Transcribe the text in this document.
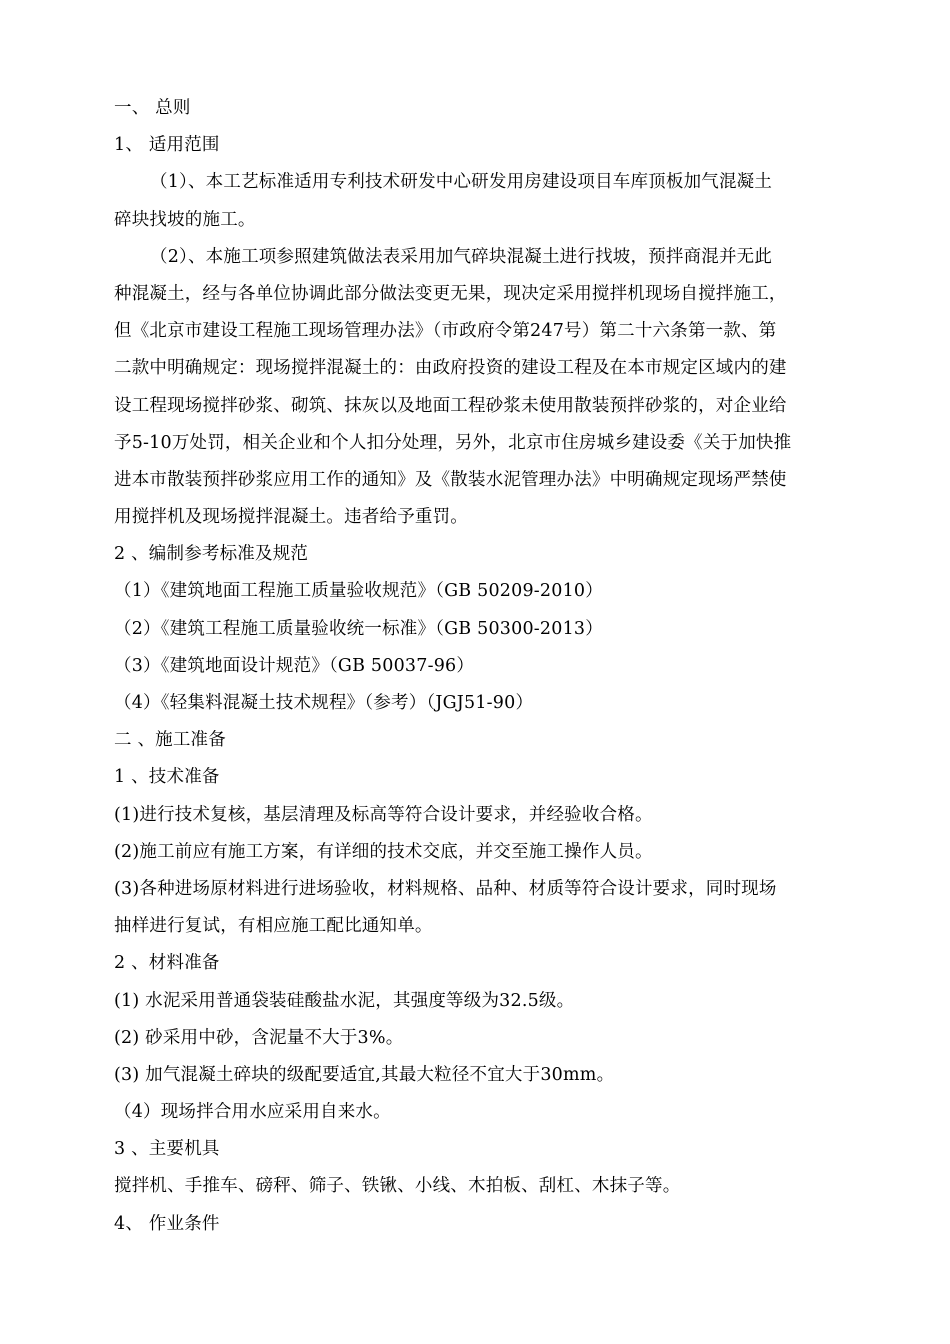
一、 总则
1、 适用范围
（1）、本工艺标准适用专利技术研发中心研发用房建设项目车库顶板加气混凝土
碎块找坡的施工。
（2）、本施工项参照建筑做法表采用加气碎块混凝土进行找坡，预拌商混并无此
种混凝土，经与各单位协调此部分做法变更无果，现决定采用搅拌机现场自搅拌施工，
但《北京市建设工程施工现场管理办法》（市政府令第247号）第二十六条第一款、第
二款中明确规定：现场搅拌混凝土的：由政府投资的建设工程及在本市规定区域内的建
设工程现场搅拌砂浆、砌筑、抹灰以及地面工程砂浆未使用散装预拌砂浆的，对企业给
予5-10万处罚，相关企业和个人扣分处理，另外，北京市住房城乡建设委《关于加快推
进本市散装预拌砂浆应用工作的通知》及《散装水泥管理办法》中明确规定现场严禁使
用搅拌机及现场搅拌混凝土。违者给予重罚。
2 、编制参考标准及规范
（1）《建筑地面工程施工质量验收规范》（GB 50209-2010）
（2）《建筑工程施工质量验收统一标准》（GB 50300-2013）
（3）《建筑地面设计规范》（GB 50037-96）
（4）《轻集料混凝土技术规程》（参考）（JGJ51-90）
二 、施工准备
1 、技术准备
(1)进行技术复核，基层清理及标高等符合设计要求，并经验收合格。
(2)施工前应有施工方案，有详细的技术交底，并交至施工操作人员。
(3)各种进场原材料进行进场验收，材料规格、品种、材质等符合设计要求，同时现场
抽样进行复试，有相应施工配比通知单。
2 、材料准备
(1) 水泥采用普通袋装硅酸盐水泥，其强度等级为32.5级。
(2) 砂采用中砂，含泥量不大于3%。
(3) 加气混凝土碎块的级配要适宜,其最大粒径不宜大于30mm。
（4）现场拌合用水应采用自来水。
3 、主要机具
搅拌机、手推车、磅秤、筛子、铁锹、小线、木拍板、刮杠、木抹子等。
4、 作业条件
